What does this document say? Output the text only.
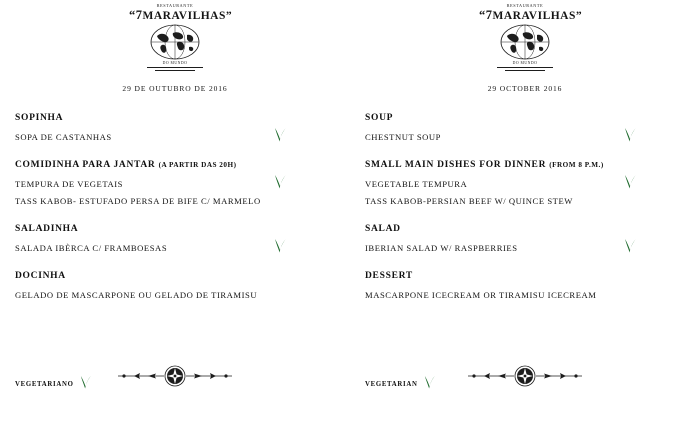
RESTAURANTE
“7MARAVILHAS”
DO MUNDO
29 DE OUTUBRO DE 2016
SOPINHA
SOPA DE CASTANHAS
COMIDINHA PARA JANTAR (A PARTIR DAS 20H)
TEMPURA DE VEGETAIS
TASS KABOB- ESTUFADO PERSA DE BIFE C/ MARMELO
SALADINHA
SALADA IBÈRCA C/ FRAMBOESAS
DOCINHA
GELADO DE MASCARPONE OU GELADO DE TIRAMISU
VEGETARIANO
RESTAURANTE
“7MARAVILHAS”
DO MUNDO
29 OCTOBER 2016
SOUP
CHESTNUT SOUP
SMALL MAIN DISHES FOR DINNER (FROM 8 P.M.)
VEGETABLE TEMPURA
TASS KABOB-PERSIAN BEEF W/ QUINCE STEW
SALAD
IBERIAN SALAD W/ RASPBERRIES
DESSERT
MASCARPONE ICECREAM OR TIRAMISU ICECREAM
VEGETARIAN
